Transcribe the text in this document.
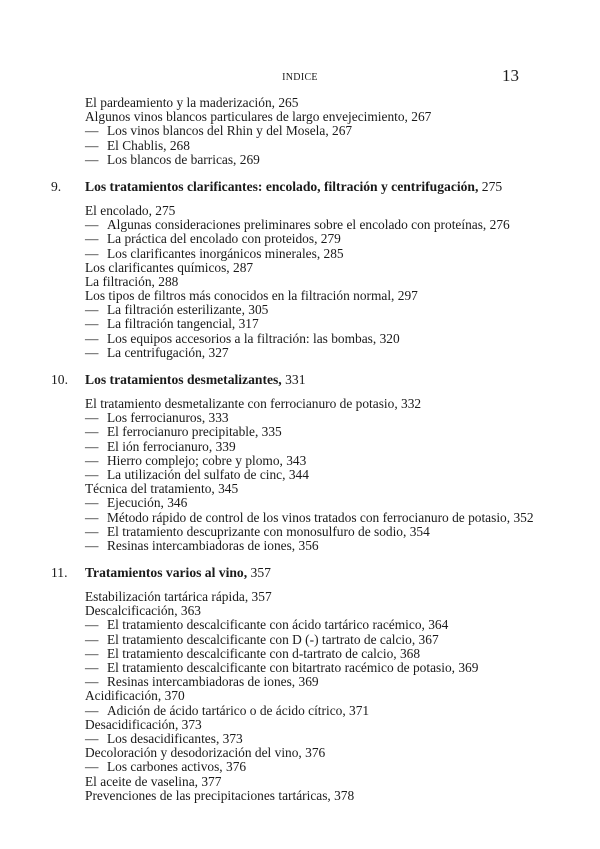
INDICE	13
El pardeamiento y la maderización, 265
Algunos vinos blancos particulares de largo envejecimiento, 267
— Los vinos blancos del Rhin y del Mosela, 267
— El Chablis, 268
— Los blancos de barricas, 269
9. Los tratamientos clarificantes: encolado, filtración y centrifugación, 275
El encolado, 275
— Algunas consideraciones preliminares sobre el encolado con proteínas, 276
— La práctica del encolado con proteidos, 279
— Los clarificantes inorgánicos minerales, 285
Los clarificantes químicos, 287
La filtración, 288
Los tipos de filtros más conocidos en la filtración normal, 297
— La filtración esterilizante, 305
— La filtración tangencial, 317
— Los equipos accesorios a la filtración: las bombas, 320
— La centrifugación, 327
10. Los tratamientos desmetalizantes, 331
El tratamiento desmetalizante con ferrocianuro de potasio, 332
— Los ferrocianuros, 333
— El ferrocianuro precipitable, 335
— El ión ferrocianuro, 339
— Hierro complejo; cobre y plomo, 343
— La utilización del sulfato de cinc, 344
Técnica del tratamiento, 345
— Ejecución, 346
— Método rápido de control de los vinos tratados con ferrocianuro de potasio, 352
— El tratamiento descuprizante con monosulfuro de sodio, 354
— Resinas intercambiadoras de iones, 356
11. Tratamientos varios al vino, 357
Estabilización tartárica rápida, 357
Descalcificación, 363
— El tratamiento descalcificante con ácido tartárico racémico, 364
— El tratamiento descalcificante con D (-) tartrato de calcio, 367
— El tratamiento descalcificante con d-tartrato de calcio, 368
— El tratamiento descalcificante con bitartrato racémico de potasio, 369
— Resinas intercambiadoras de iones, 369
Acidificación, 370
— Adición de ácido tartárico o de ácido cítrico, 371
Desacidificación, 373
— Los desacidificantes, 373
Decoloración y desodorización del vino, 376
— Los carbones activos, 376
El aceite de vaselina, 377
Prevenciones de las precipitaciones tartáricas, 378
